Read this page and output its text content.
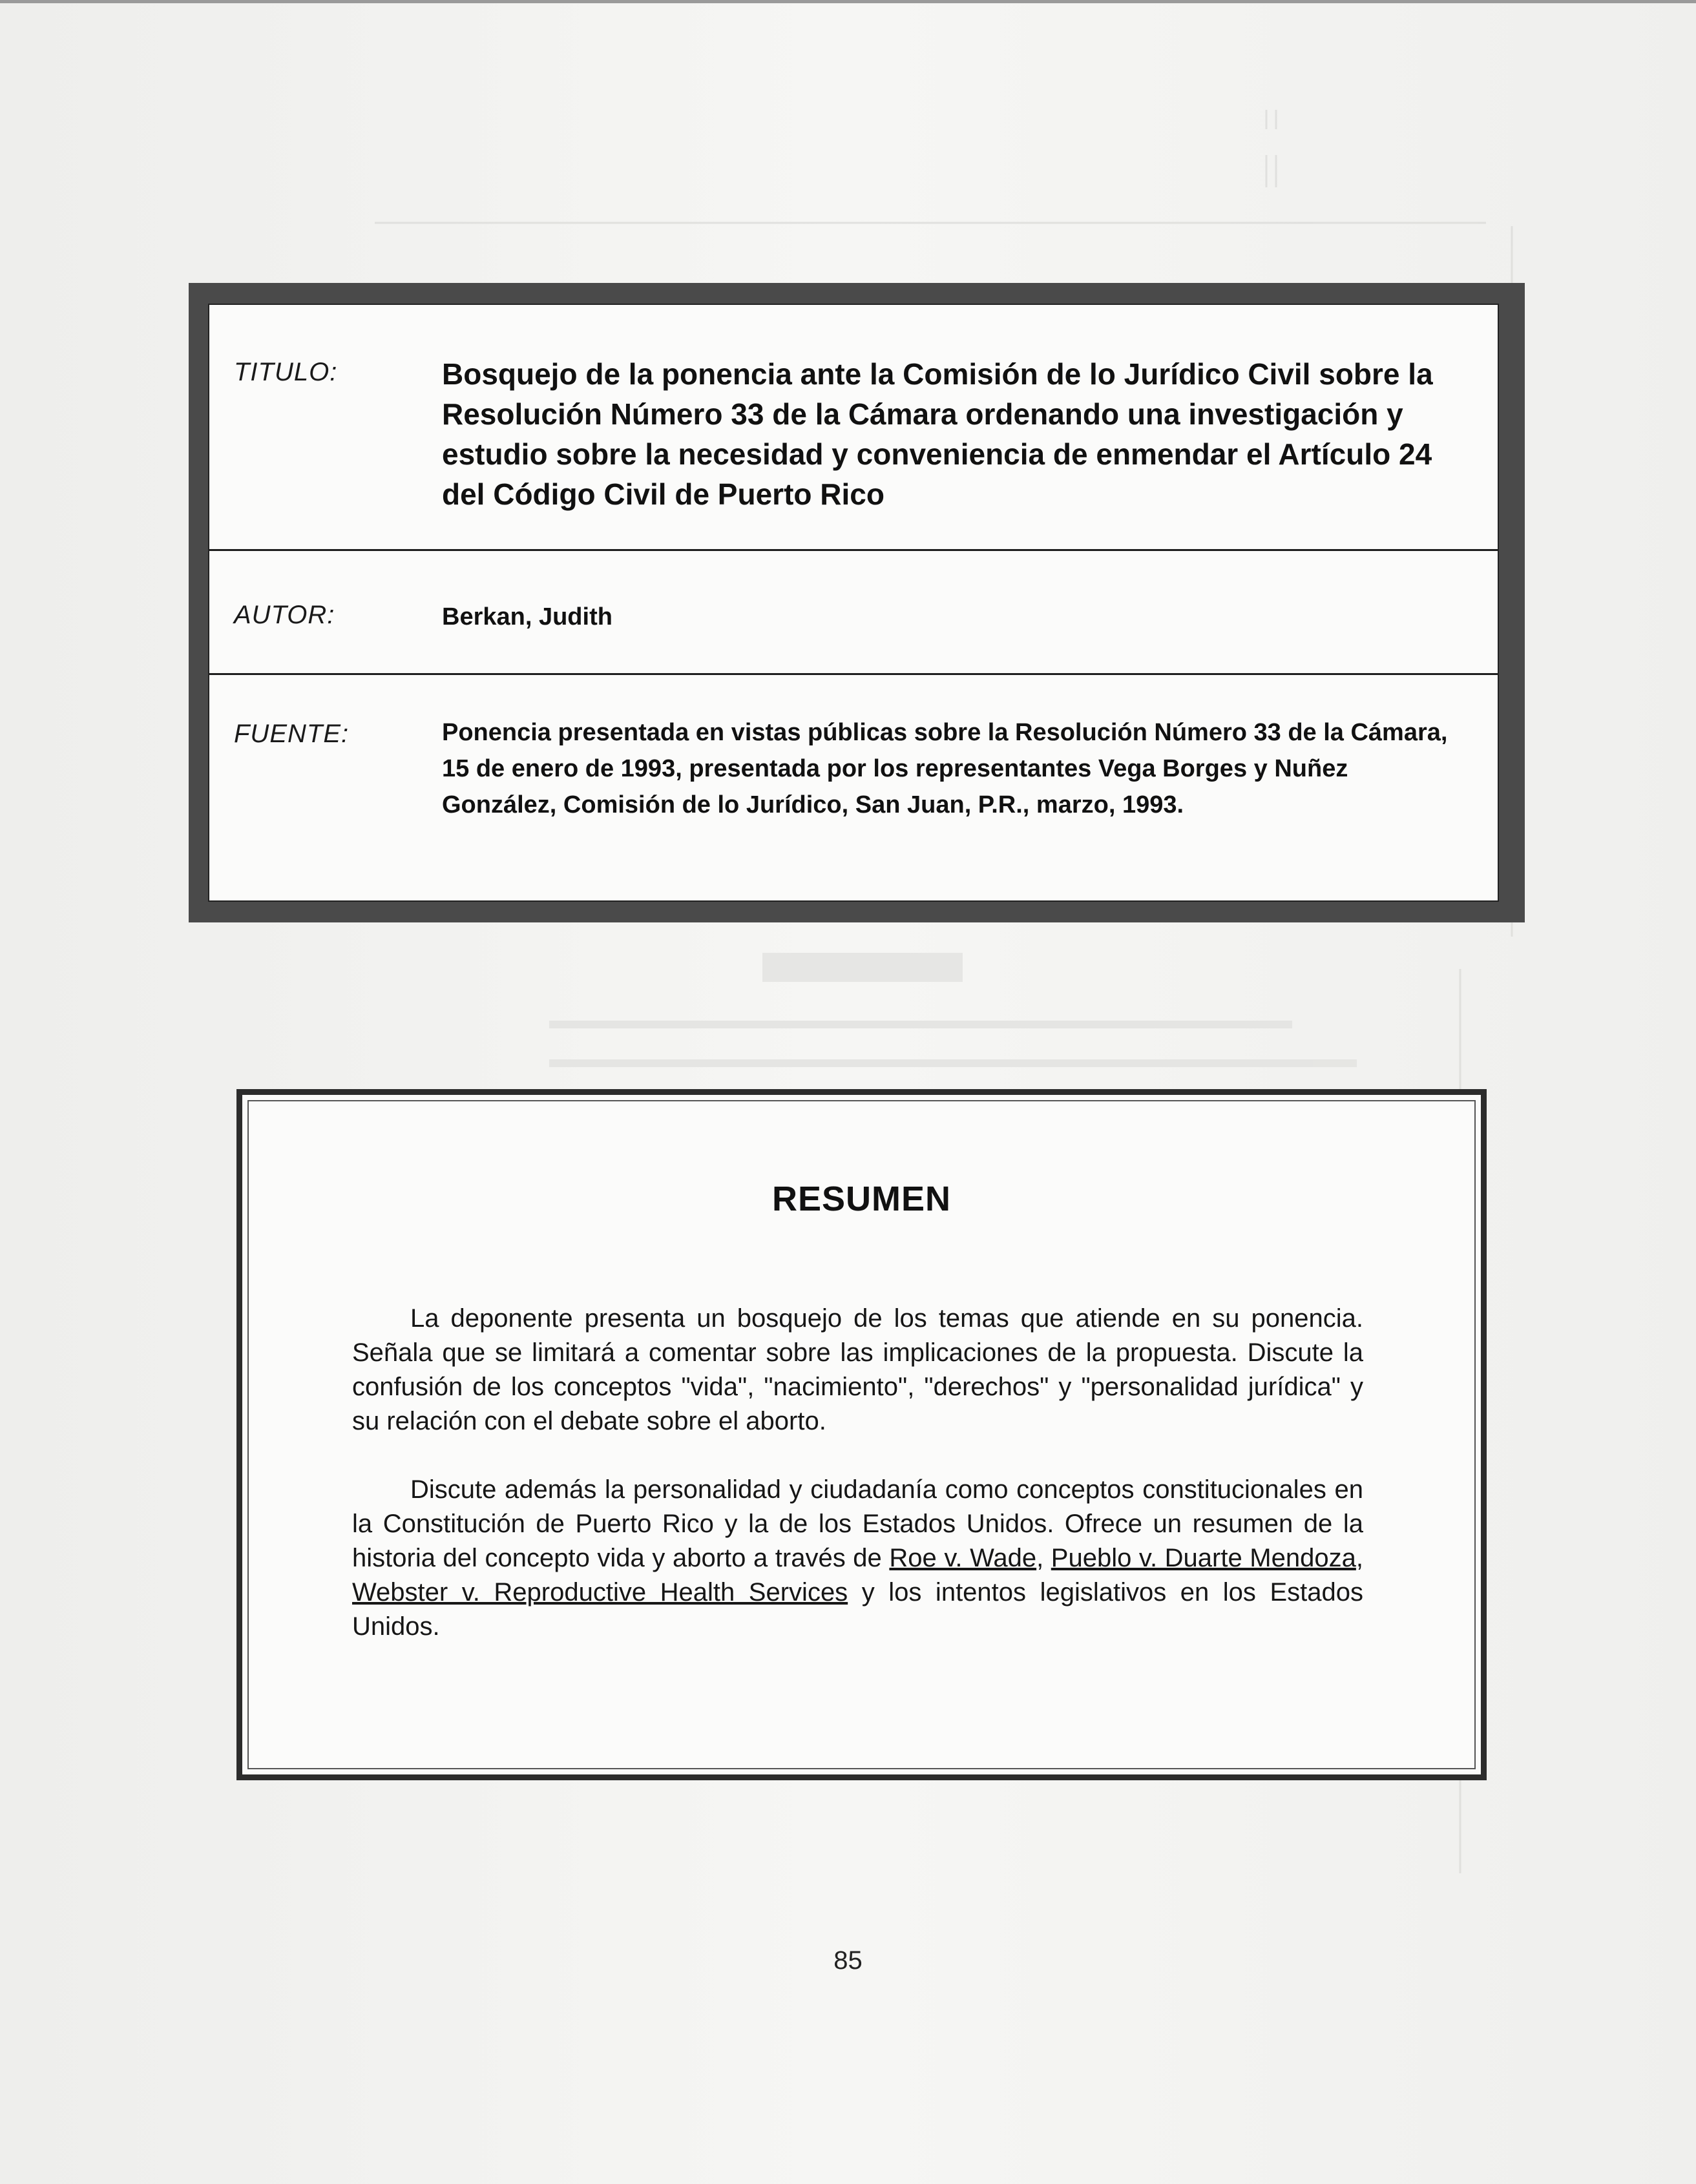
TITULO:	Bosquejo de la ponencia ante la Comisión de lo Jurídico Civil sobre la Resolución Número 33 de la Cámara ordenando una investigación y estudio sobre la necesidad y conveniencia de enmendar el Artículo 24 del Código Civil de Puerto Rico
AUTOR:	Berkan, Judith
FUENTE:	Ponencia presentada en vistas públicas sobre la Resolución Número 33 de la Cámara, 15 de enero de 1993, presentada por los representantes Vega Borges y Nuñez González, Comisión de lo Jurídico, San Juan, P.R., marzo, 1993.
RESUMEN

La deponente presenta un bosquejo de los temas que atiende en su ponencia. Señala que se limitará a comentar sobre las implicaciones de la propuesta. Discute la confusión de los conceptos "vida", "nacimiento", "derechos" y "personalidad jurídica" y su relación con el debate sobre el aborto.

Discute además la personalidad y ciudadanía como conceptos constitucionales en la Constitución de Puerto Rico y la de los Estados Unidos. Ofrece un resumen de la historia del concepto vida y aborto a través de Roe v. Wade, Pueblo v. Duarte Mendoza, Webster v. Reproductive Health Services y los intentos legislativos en los Estados Unidos.

85
